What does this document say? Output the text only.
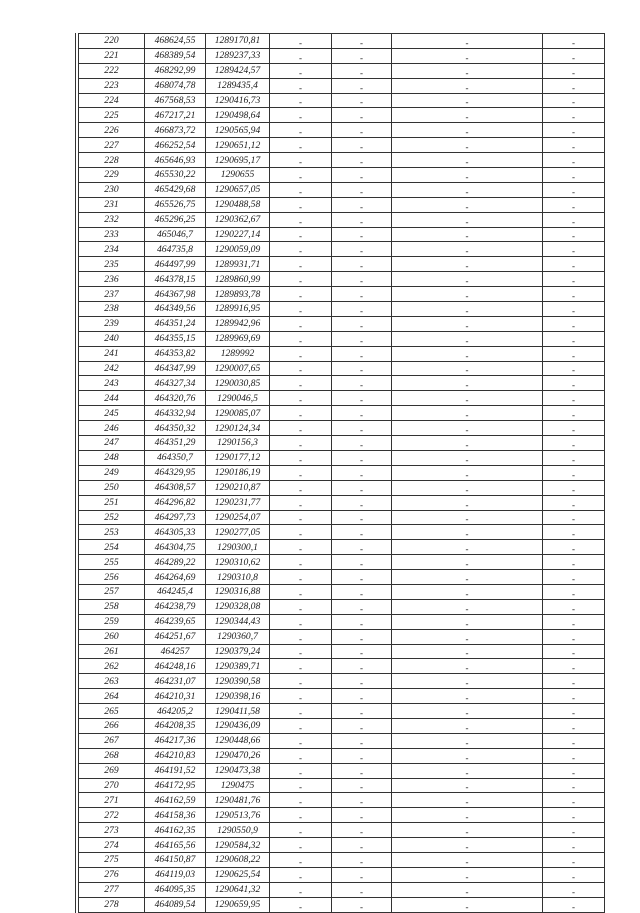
220	468624,55	1289170,81	-	-	-	-
221	468389,54	1289237,33	-	-	-	-
222	468292,99	1289424,57	-	-	-	-
223	468074,78	1289435,4	-	-	-	-
224	467568,53	1290416,73	-	-	-	-
225	467217,21	1290498,64	-	-	-	-
226	466873,72	1290565,94	-	-	-	-
227	466252,54	1290651,12	-	-	-	-
228	465646,93	1290695,17	-	-	-	-
229	465530,22	1290655	-	-	-	-
230	465429,68	1290657,05	-	-	-	-
231	465526,75	1290488,58	-	-	-	-
232	465296,25	1290362,67	-	-	-	-
233	465046,7	1290227,14	-	-	-	-
234	464735,8	1290059,09	-	-	-	-
235	464497,99	1289931,71	-	-	-	-
236	464378,15	1289860,99	-	-	-	-
237	464367,98	1289893,78	-	-	-	-
238	464349,56	1289916,95	-	-	-	-
239	464351,24	1289942,96	-	-	-	-
240	464355,15	1289969,69	-	-	-	-
241	464353,82	1289992	-	-	-	-
242	464347,99	1290007,65	-	-	-	-
243	464327,34	1290030,85	-	-	-	-
244	464320,76	1290046,5	-	-	-	-
245	464332,94	1290085,07	-	-	-	-
246	464350,32	1290124,34	-	-	-	-
247	464351,29	1290156,3	-	-	-	-
248	464350,7	1290177,12	-	-	-	-
249	464329,95	1290186,19	-	-	-	-
250	464308,57	1290210,87	-	-	-	-
251	464296,82	1290231,77	-	-	-	-
252	464297,73	1290254,07	-	-	-	-
253	464305,33	1290277,05	-	-	-	-
254	464304,75	1290300,1	-	-	-	-
255	464289,22	1290310,62	-	-	-	-
256	464264,69	1290310,8	-	-	-	-
257	464245,4	1290316,88	-	-	-	-
258	464238,79	1290328,08	-	-	-	-
259	464239,65	1290344,43	-	-	-	-
260	464251,67	1290360,7	-	-	-	-
261	464257	1290379,24	-	-	-	-
262	464248,16	1290389,71	-	-	-	-
263	464231,07	1290390,58	-	-	-	-
264	464210,31	1290398,16	-	-	-	-
265	464205,2	1290411,58	-	-	-	-
266	464208,35	1290436,09	-	-	-	-
267	464217,36	1290448,66	-	-	-	-
268	464210,83	1290470,26	-	-	-	-
269	464191,52	1290473,38	-	-	-	-
270	464172,95	1290475	-	-	-	-
271	464162,59	1290481,76	-	-	-	-
272	464158,36	1290513,76	-	-	-	-
273	464162,35	1290550,9	-	-	-	-
274	464165,56	1290584,32	-	-	-	-
275	464150,87	1290608,22	-	-	-	-
276	464119,03	1290625,54	-	-	-	-
277	464095,35	1290641,32	-	-	-	-
278	464089,54	1290659,95	-	-	-	-
